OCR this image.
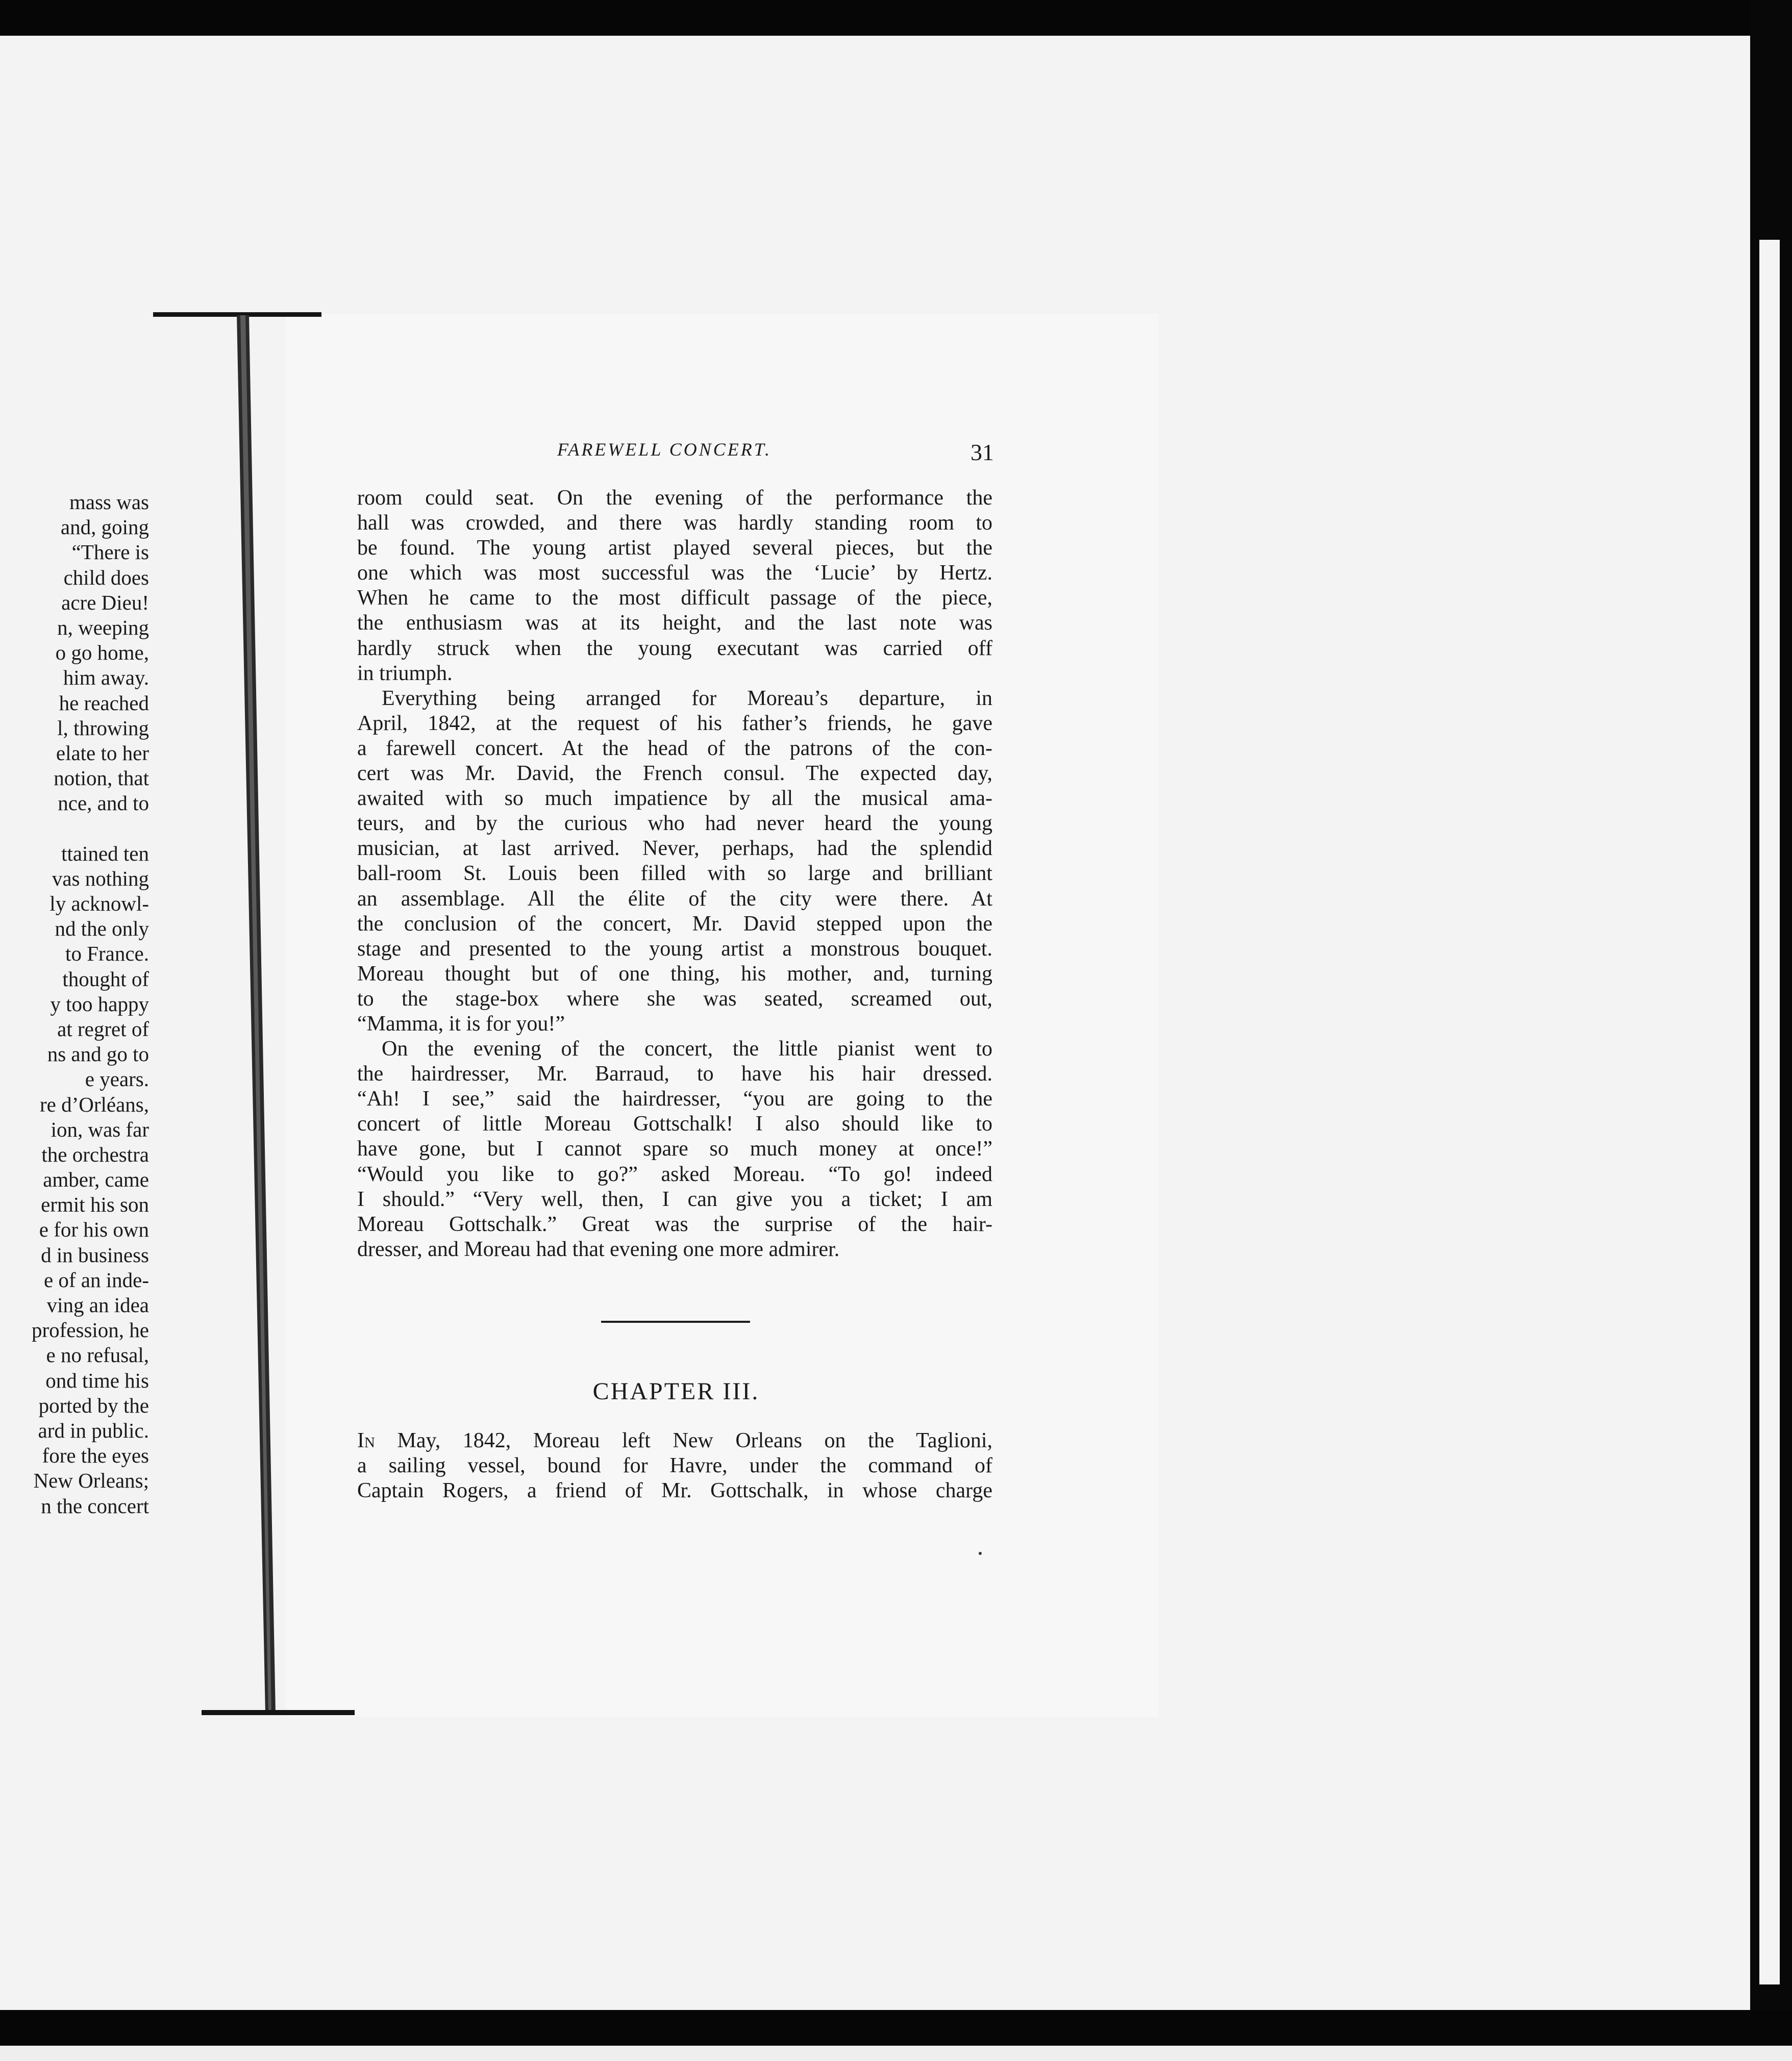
mass was
and, going
“There is
child does
acre Dieu!
n, weeping
o go home,
him away.
he reached
l, throwing
elate to her
notion, that
nce, and to
ttained ten
vas nothing
ly acknowl-
nd the only
to France.
thought of
y too happy
at regret of
ns and go to
e years.
re d’Orléans,
ion, was far
the orchestra
amber, came
ermit his son
e for his own
d in business
e of an inde-
ving an idea
profession, he
e no refusal,
ond time his
ported by the
ard in public.
fore the eyes
New Orleans;
n the concert
FAREWELL CONCERT.	31
room could seat. On the evening of the performance the
hall was crowded, and there was hardly standing room to
be found. The young artist played several pieces, but the
one which was most successful was the ‘Lucie’ by Hertz.
When he came to the most difficult passage of the piece,
the enthusiasm was at its height, and the last note was
hardly struck when the young executant was carried off
in triumph.
Everything being arranged for Moreau’s departure, in
April, 1842, at the request of his father’s friends, he gave
a farewell concert. At the head of the patrons of the con-
cert was Mr. David, the French consul. The expected day,
awaited with so much impatience by all the musical ama-
teurs, and by the curious who had never heard the young
musician, at last arrived. Never, perhaps, had the splendid
ball-room St. Louis been filled with so large and brilliant
an assemblage. All the élite of the city were there. At
the conclusion of the concert, Mr. David stepped upon the
stage and presented to the young artist a monstrous bouquet.
Moreau thought but of one thing, his mother, and, turning
to the stage-box where she was seated, screamed out,
“Mamma, it is for you!”
On the evening of the concert, the little pianist went to
the hairdresser, Mr. Barraud, to have his hair dressed.
“Ah! I see,” said the hairdresser, “you are going to the
concert of little Moreau Gottschalk! I also should like to
have gone, but I cannot spare so much money at once!”
“Would you like to go?” asked Moreau. “To go! indeed
I should.” “Very well, then, I can give you a ticket; I am
Moreau Gottschalk.” Great was the surprise of the hair-
dresser, and Moreau had that evening one more admirer.
CHAPTER III.
In May, 1842, Moreau left New Orleans on the Taglioni,
a sailing vessel, bound for Havre, under the command of
Captain Rogers, a friend of Mr. Gottschalk, in whose charge
